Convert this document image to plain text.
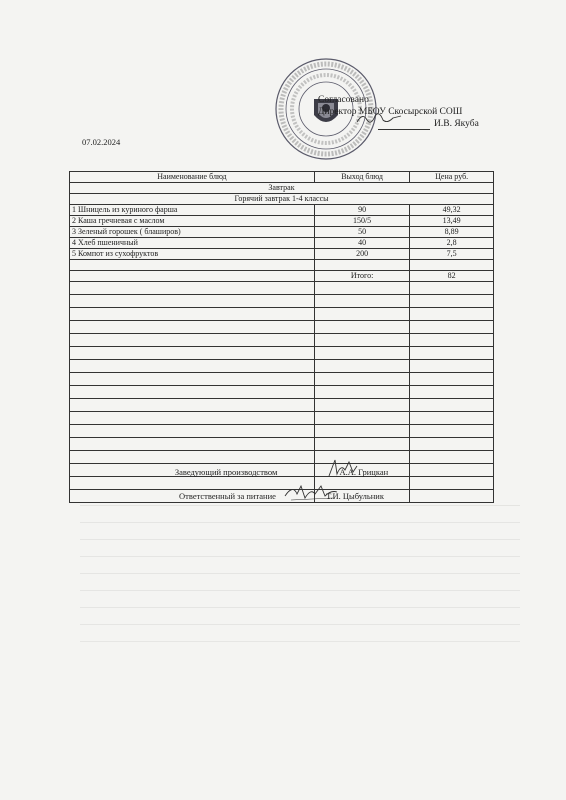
Согласовано
Директор МБОУ Скосырской СОШ
И.В. Якуба
07.02.2024
Наименование блюд	Выход блюд	Цена руб.
Завтрак		
Горячий завтрак 1-4 классы		
1 Шницель из куриного фарша	90	49,32
2 Каша гречневая с маслом	150/5	13,49
3 Зеленый горошек ( блаширов)	50	8,89
4 Хлеб пшеничный	40	2,8
5 Компот из сухофруктов	200	7,5

	Итого:	82

Заведующий производством	А.А. Грицкан
Ответственный за питание	Т.И. Цыбульник
